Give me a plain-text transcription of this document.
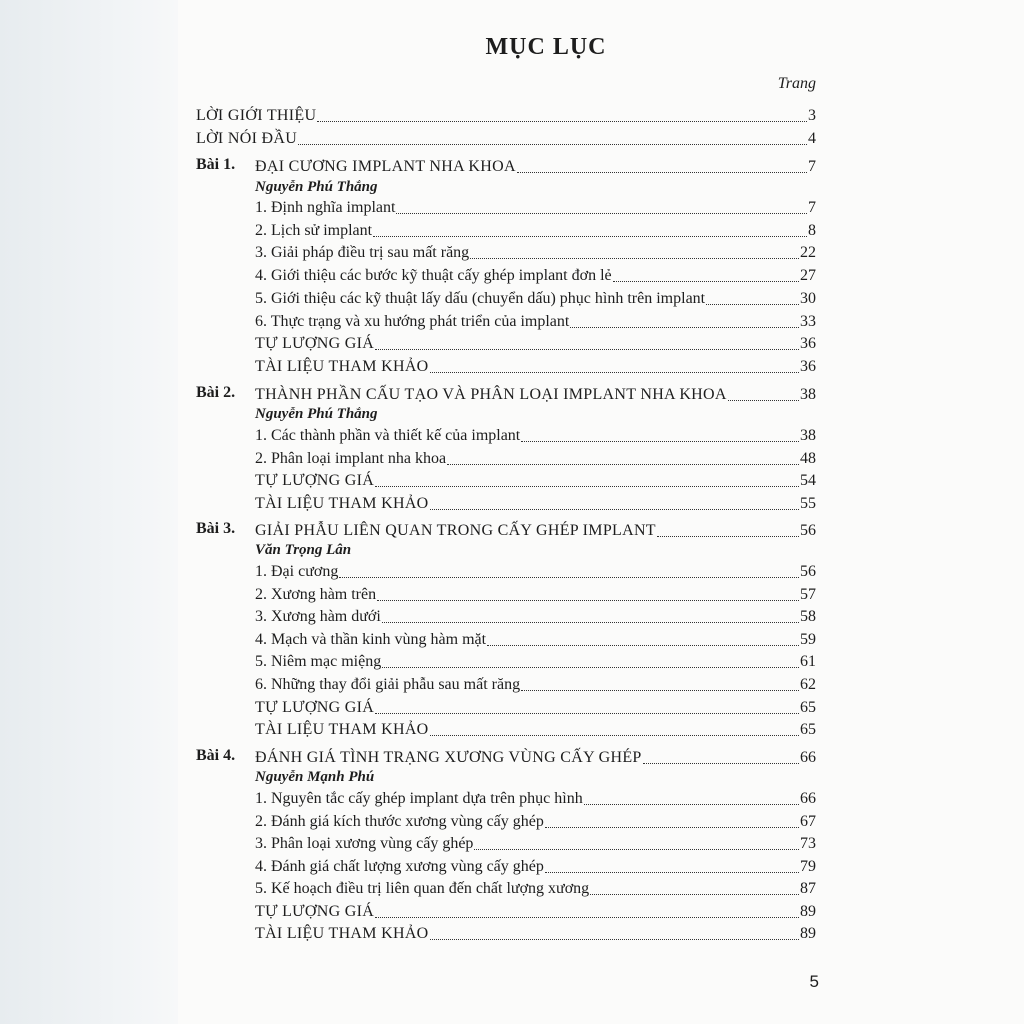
MỤC LỤC
Trang
LỜI GIỚI THIỆU	3
LỜI NÓI ĐẦU	4
Bài 1. ĐẠI CƯƠNG IMPLANT NHA KHOA	7
Nguyễn Phú Thắng
1. Định nghĩa implant	7
2. Lịch sử implant	8
3. Giải pháp điều trị sau mất răng	22
4. Giới thiệu các bước kỹ thuật cấy ghép implant đơn lẻ	27
5. Giới thiệu các kỹ thuật lấy dấu (chuyển dấu) phục hình trên implant	30
6. Thực trạng và xu hướng phát triển của implant	33
TỰ LƯỢNG GIÁ	36
TÀI LIỆU THAM KHẢO	36
Bài 2. THÀNH PHẦN CẤU TẠO VÀ PHÂN LOẠI IMPLANT NHA KHOA	38
Nguyễn Phú Thắng
1. Các thành phần và thiết kế của implant	38
2. Phân loại implant nha khoa	48
TỰ LƯỢNG GIÁ	54
TÀI LIỆU THAM KHẢO	55
Bài 3. GIẢI PHẪU LIÊN QUAN TRONG CẤY GHÉP IMPLANT	56
Văn Trọng Lân
1. Đại cương	56
2. Xương hàm trên	57
3. Xương hàm dưới	58
4. Mạch và thần kinh vùng hàm mặt	59
5. Niêm mạc miệng	61
6. Những thay đổi giải phẫu sau mất răng	62
TỰ LƯỢNG GIÁ	65
TÀI LIỆU THAM KHẢO	65
Bài 4. ĐÁNH GIÁ TÌNH TRẠNG XƯƠNG VÙNG CẤY GHÉP	66
Nguyễn Mạnh Phú
1. Nguyên tắc cấy ghép implant dựa trên phục hình	66
2. Đánh giá kích thước xương vùng cấy ghép	67
3. Phân loại xương vùng cấy ghép	73
4. Đánh giá chất lượng xương vùng cấy ghép	79
5. Kế hoạch điều trị liên quan đến chất lượng xương	87
TỰ LƯỢNG GIÁ	89
TÀI LIỆU THAM KHẢO	89
5
